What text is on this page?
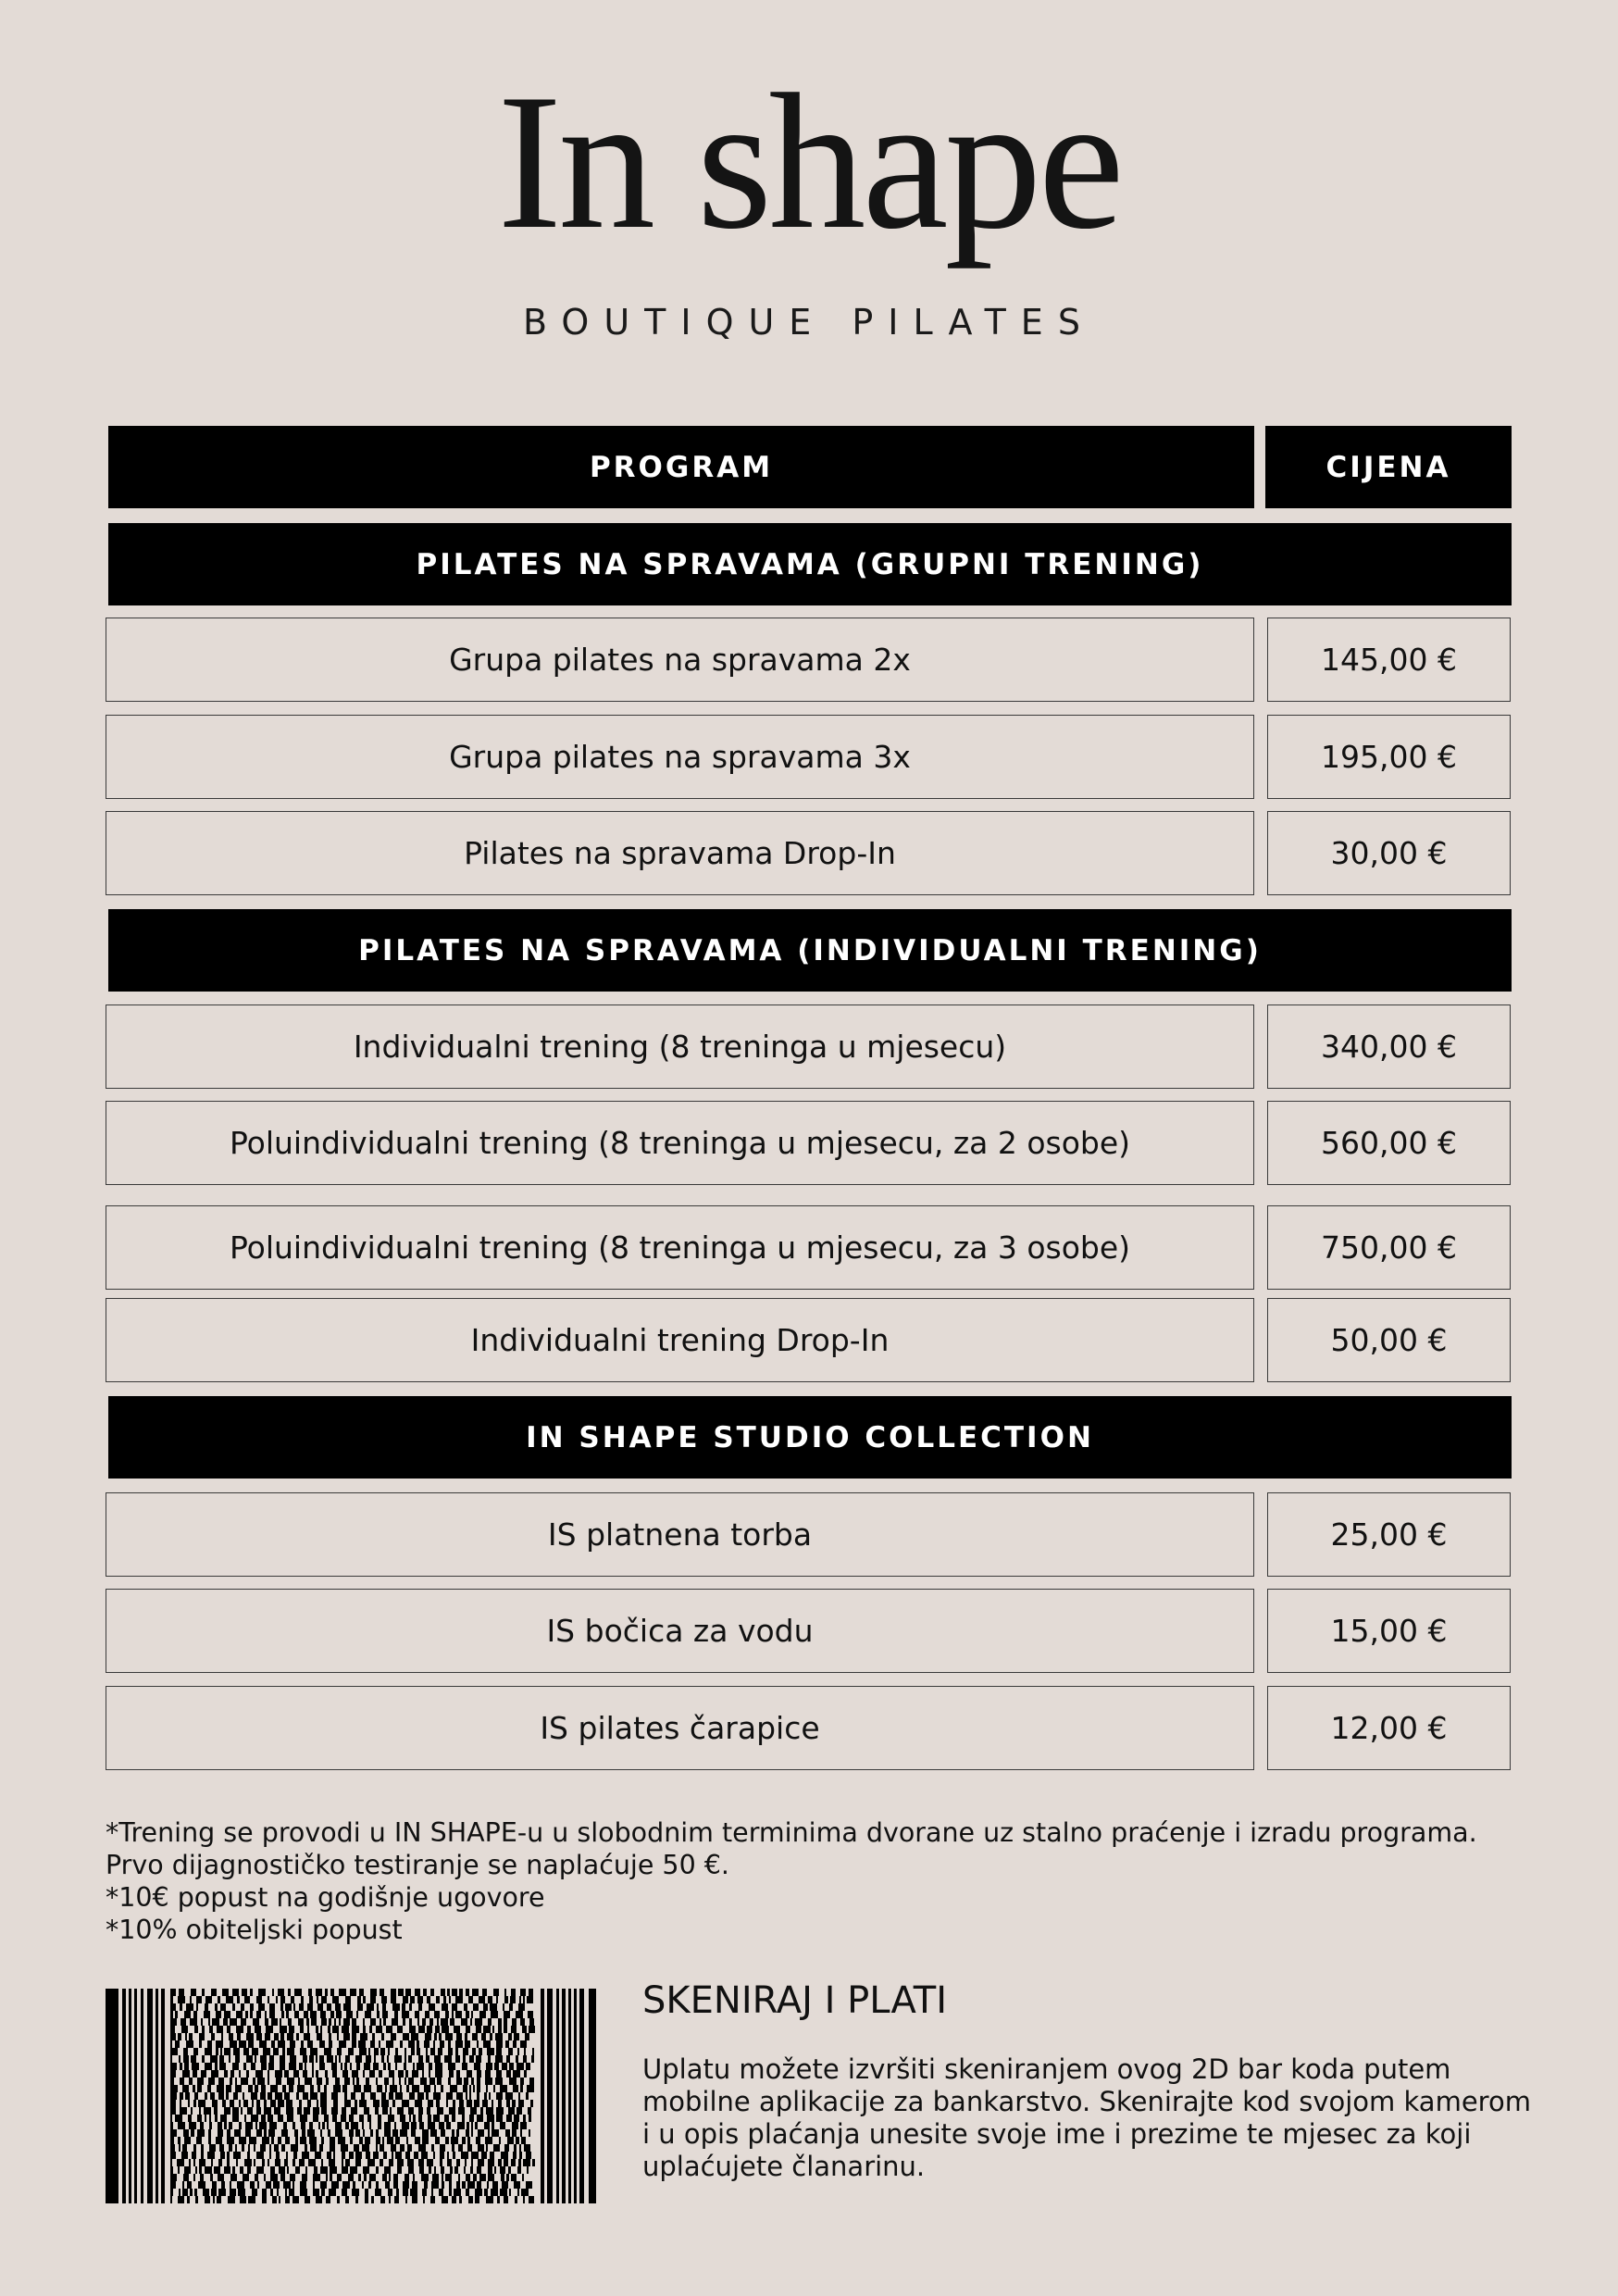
In shape
BOUTIQUE PILATES
PROGRAM	CIJENA
PILATES NA SPRAVAMA (GRUPNI TRENING)
Grupa pilates na spravama 2x	145,00 €
Grupa pilates na spravama 3x	195,00 €
Pilates na spravama Drop-In	30,00 €
PILATES NA SPRAVAMA (INDIVIDUALNI TRENING)
Individualni trening (8 treninga u mjesecu)	340,00 €
Poluindividualni trening (8 treninga u mjesecu, za 2 osobe)	560,00 €
Poluindividualni trening (8 treninga u mjesecu, za 3 osobe)	750,00 €
Individualni trening Drop-In	50,00 €
IN SHAPE STUDIO COLLECTION
IS platnena torba	25,00 €
IS bočica za vodu	15,00 €
IS pilates čarapice	12,00 €
*Trening se provodi u IN SHAPE-u u slobodnim terminima dvorane uz stalno praćenje i izradu programa.
Prvo dijagnostičko testiranje se naplaćuje 50 €.
*10€ popust na godišnje ugovore
*10% obiteljski popust
SKENIRAJ I PLATI
Uplatu možete izvršiti skeniranjem ovog 2D bar koda putem mobilne aplikacije za bankarstvo. Skenirajte kod svojom kamerom i u opis plaćanja unesite svoje ime i prezime te mjesec za koji uplaćujete članarinu.
